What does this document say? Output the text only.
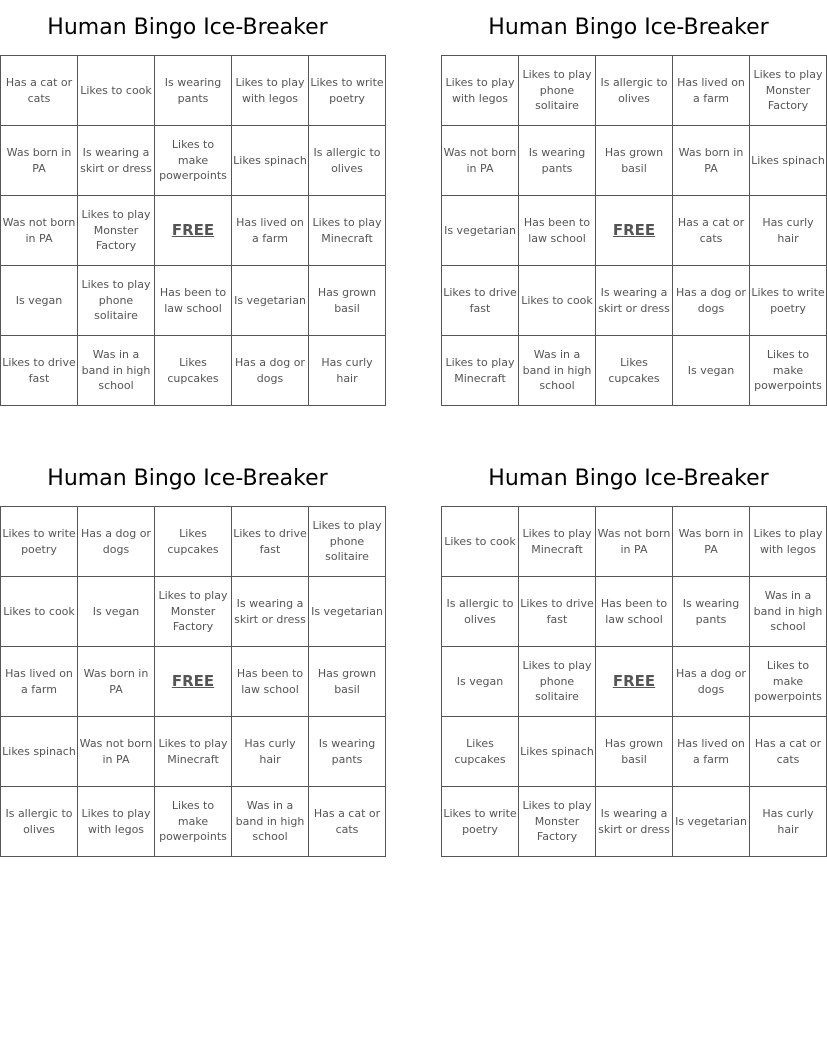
Human Bingo Ice-Breaker
Has a cat or cats	Likes to cook	Is wearing pants	Likes to play with legos	Likes to write poetry
Was born in PA	Is wearing a skirt or dress	Likes to make powerpoints	Likes spinach	Is allergic to olives
Was not born in PA	Likes to play Monster Factory	FREE	Has lived on a farm	Likes to play Minecraft
Is vegan	Likes to play phone solitaire	Has been to law school	Is vegetarian	Has grown basil
Likes to drive fast	Was in a band in high school	Likes cupcakes	Has a dog or dogs	Has curly hair
Human Bingo Ice-Breaker
Likes to play with legos	Likes to play phone solitaire	Is allergic to olives	Has lived on a farm	Likes to play Monster Factory
Was not born in PA	Is wearing pants	Has grown basil	Was born in PA	Likes spinach
Is vegetarian	Has been to law school	FREE	Has a cat or cats	Has curly hair
Likes to drive fast	Likes to cook	Is wearing a skirt or dress	Has a dog or dogs	Likes to write poetry
Likes to play Minecraft	Was in a band in high school	Likes cupcakes	Is vegan	Likes to make powerpoints
Human Bingo Ice-Breaker
Likes to write poetry	Has a dog or dogs	Likes cupcakes	Likes to drive fast	Likes to play phone solitaire
Likes to cook	Is vegan	Likes to play Monster Factory	Is wearing a skirt or dress	Is vegetarian
Has lived on a farm	Was born in PA	FREE	Has been to law school	Has grown basil
Likes spinach	Was not born in PA	Likes to play Minecraft	Has curly hair	Is wearing pants
Is allergic to olives	Likes to play with legos	Likes to make powerpoints	Was in a band in high school	Has a cat or cats
Human Bingo Ice-Breaker
Likes to cook	Likes to play Minecraft	Was not born in PA	Was born in PA	Likes to play with legos
Is allergic to olives	Likes to drive fast	Has been to law school	Is wearing pants	Was in a band in high school
Is vegan	Likes to play phone solitaire	FREE	Has a dog or dogs	Likes to make powerpoints
Likes cupcakes	Likes spinach	Has grown basil	Has lived on a farm	Has a cat or cats
Likes to write poetry	Likes to play Monster Factory	Is wearing a skirt or dress	Is vegetarian	Has curly hair
